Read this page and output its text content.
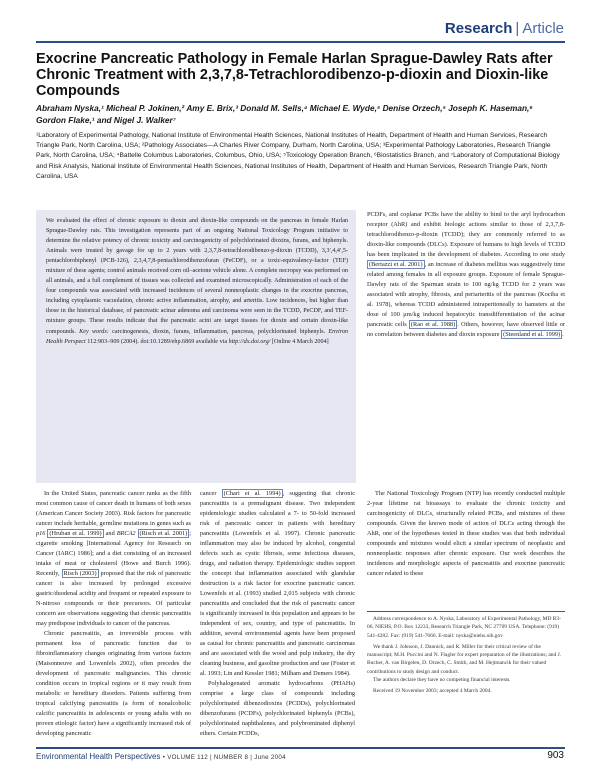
Research | Article
Exocrine Pancreatic Pathology in Female Harlan Sprague-Dawley Rats after Chronic Treatment with 2,3,7,8-Tetrachlorodibenzo-p-dioxin and Dioxin-like Compounds
Abraham Nyska,¹ Micheal P. Jokinen,² Amy E. Brix,³ Donald M. Sells,⁴ Michael E. Wyde,⁵ Denise Orzech,⁵ Joseph K. Haseman,⁶ Gordon Flake,¹ and Nigel J. Walker⁷
¹Laboratory of Experimental Pathology, National Institute of Environmental Health Sciences, National Institutes of Health, Department of Health and Human Services, Research Triangle Park, North Carolina, USA; ²Pathology Associates—A Charles River Company, Durham, North Carolina, USA; ³Experimental Pathology Laboratories, Research Triangle Park, North Carolina, USA; ⁴Battelle Columbus Laboratories, Columbus, Ohio, USA; ⁵Toxicology Operation Branch, ⁶Biostatistics Branch, and ⁷Laboratory of Computational Biology and Risk Analysis, National Institute of Environmental Health Sciences, National Institutes of Health, Department of Health and Human Services, Research Triangle Park, North Carolina, USA

We evaluated the effect of chronic exposure to dioxin and dioxin-like compounds on the pancreas in female Harlan Sprague-Dawley rats. This investigation represents part of an ongoing National Toxicology Program initiative to determine the relative potency of chronic toxicity and carcinogenicity of polychlorinated dioxins, furans, and biphenyls. Animals were treated by gavage for up to 2 years with 2,3,7,8-tetrachlorodibenzo-p-dioxin (TCDD), 3,3′,4,4′,5-pentachlorobiphenyl (PCB-126), 2,3,4,7,8-pentachlorodibenzofuran (PeCDF), or a toxic-equivalency-factor (TEF) mixture of these agents; control animals received corn oil–acetone vehicle alone. A complete necropsy was performed on all animals, and a full complement of tissues was collected and examined microscopically. Administration of each of the four compounds was associated with increased incidences of several nonneoplastic changes in the exocrine pancreas, including cytoplasmic vacuolation, chronic active inflammation, atrophy, and arteritis. Low incidences, but higher than those in the historical database, of pancreatic acinar adenoma and carcinoma were seen in the TCDD, PeCDF, and TEF-mixture groups. These results indicate that the pancreatic acini are target tissues for dioxin and certain dioxin-like compounds. Key words: carcinogenesis, dioxin, furans, inflammation, pancreas, polychlorinated biphenyls. Environ Health Perspect 112:903–909 (2004). doi:10.1289/ehp.6869 available via http://dx.doi.org/ [Online 4 March 2004]

PCDFs, and coplanar PCBs have the ability to bind to the aryl hydrocarbon receptor (AhR) and exhibit biologic actions similar to those of 2,3,7,8-tetrachlorodibenzo-p-dioxin (TCDD); they are commonly referred to as dioxin-like compounds (DLCs). Exposure of humans to high levels of TCDD has been implicated in the development of diabetes. According to one study (Bertazzi et al. 2001) , an increase of diabetes mellitus was suggestively time related among females in all exposure groups. Exposure of female Sprague-Dawley rats of the Sparman strain to 100 ng/kg TCDD for 2 years was associated with atrophy, fibrosis, and periarteritis of the pancreas (Kociba et al. 1978), whereas TCDD administered intraperitoneally to hamsters at the dose of 100 µm/kg induced hepatocytic transdifferentiation of the acinar pancreatic cells (Rao et al. 1988) . Others, however, have observed little or no correlation between diabetes and dioxin exposure (Steenland et al. 1999) .

In the United States, pancreatic cancer ranks as the fifth most common cause of cancer death in humans of both sexes (American Cancer Society 2003). Risk factors for pancreatic cancer include heritable, germline mutations in genes such as p16 (Hruban et al. 1999) and BRCA2 (Risch et al. 2001) ; cigarette smoking [International Agency for Research on Cancer (IARC) 1986]; and a diet consisting of an increased intake of meat or cholesterol (Howe and Burch 1996). Recently, Risch (2003) proposed that the risk of pancreatic cancer is also increased by prolonged excessive gastric/duodenal acidity and frequent or repeated exposure to N-nitroso compounds or their precursors. Of particular concern are observations suggesting that chronic pancreatitis may predispose individuals to cancer of the pancreas.

Chronic pancreatitis, an irreversible process with permanent loss of pancreatic function due to fibroinflammatory changes originating from various factors (Maisonneuve and Lowenfels 2002), often precedes the development of pancreatic malignancies. This chronic condition occurs in tropical regions or it may result from metabolic or hereditary disorders. Patients suffering from tropical calcifying pancreatitis (a form of nonalcoholic calcific pancreatitis in adolescents or young adults with no proven etiologic factor) have a significantly increased risk of developing pancreatic

cancer (Chari et al. 1994) , suggesting that chronic pancreatitis is a premalignant disease. Two independent epidemiologic studies calculated a 7- to 50-fold increased risk of pancreatic cancer in patients with hereditary pancreatitis (Lowenfels et al. 1997). Chronic pancreatic inflammation may also be induced by alcohol, congenital defects such as cystic fibrosis, some infectious diseases, drugs, and radiation therapy. Epidemiologic studies support the concept that inflammation associated with glandular destruction is a risk factor for exocrine pancreatic cancer. Lowenfels et al. (1993) studied 2,015 subjects with chronic pancreatitis and concluded that the risk of pancreatic cancer is significantly increased in this population and appears to be independent of sex, country, and type of pancreatitis. In addition, several environmental agents have been proposed as causal for chronic pancreatitis and pancreatic carcinomas and are associated with the wood and pulp industry, the dry cleaning business, and gasoline production and use (Foster et al. 1993; Lin and Kessler 1981; Milham and Demers 1984).

Polyhalogenated aromatic hydrocarbons (PHAHs) comprise a large class of compounds including polychlorinated dibenzodioxins (PCDDs), polychlorinated dibenzofurans (PCDFs), polychlorinated biphenyls (PCBs), polychlorinated naphthalenes, and polybrominated diphenyl ethers. Certain PCDDs,

The National Toxicology Program (NTP) has recently conducted multiple 2-year lifetime rat bioassays to evaluate the chronic toxicity and carcinogenicity of DLCs, structurally related PCBs, and mixtures of these compounds. Given the known mode of action of DLCs acting through the AhR, one of the hypotheses tested in these studies was that both individual compounds and mixtures would elicit a similar spectrum of neoplastic and nonneoplastic responses after chronic exposure. Our work describes the incidences and morphologic aspects of pancreatitis and exocrine pancreatic cancer related to these

Address correspondence to A. Nyska, Laboratory of Experimental Pathology, MD B3-06, NIEHS, P.O. Box 12233, Research Triangle Park, NC 27709 USA. Telephone: (919) 541-4282. Fax: (919) 541-7666. E-mail: nyska@niehs.nih.gov

We thank J. Johnson, J. Dannick, and R. Miller for their critical review of the manuscript; M.H. Puccini and N. Flagler for expert preparation of the illustrations; and J. Bucher, A. van Birgelen, D. Orzech, C. Smith, and M. Hejtmancik for their valued contributions to study design and conduct.

The authors declare they have no competing financial interests.

Received 19 November 2003; accepted 4 March 2004.

Environmental Health Perspectives • VOLUME 112 | NUMBER 8 | June 2004	903
